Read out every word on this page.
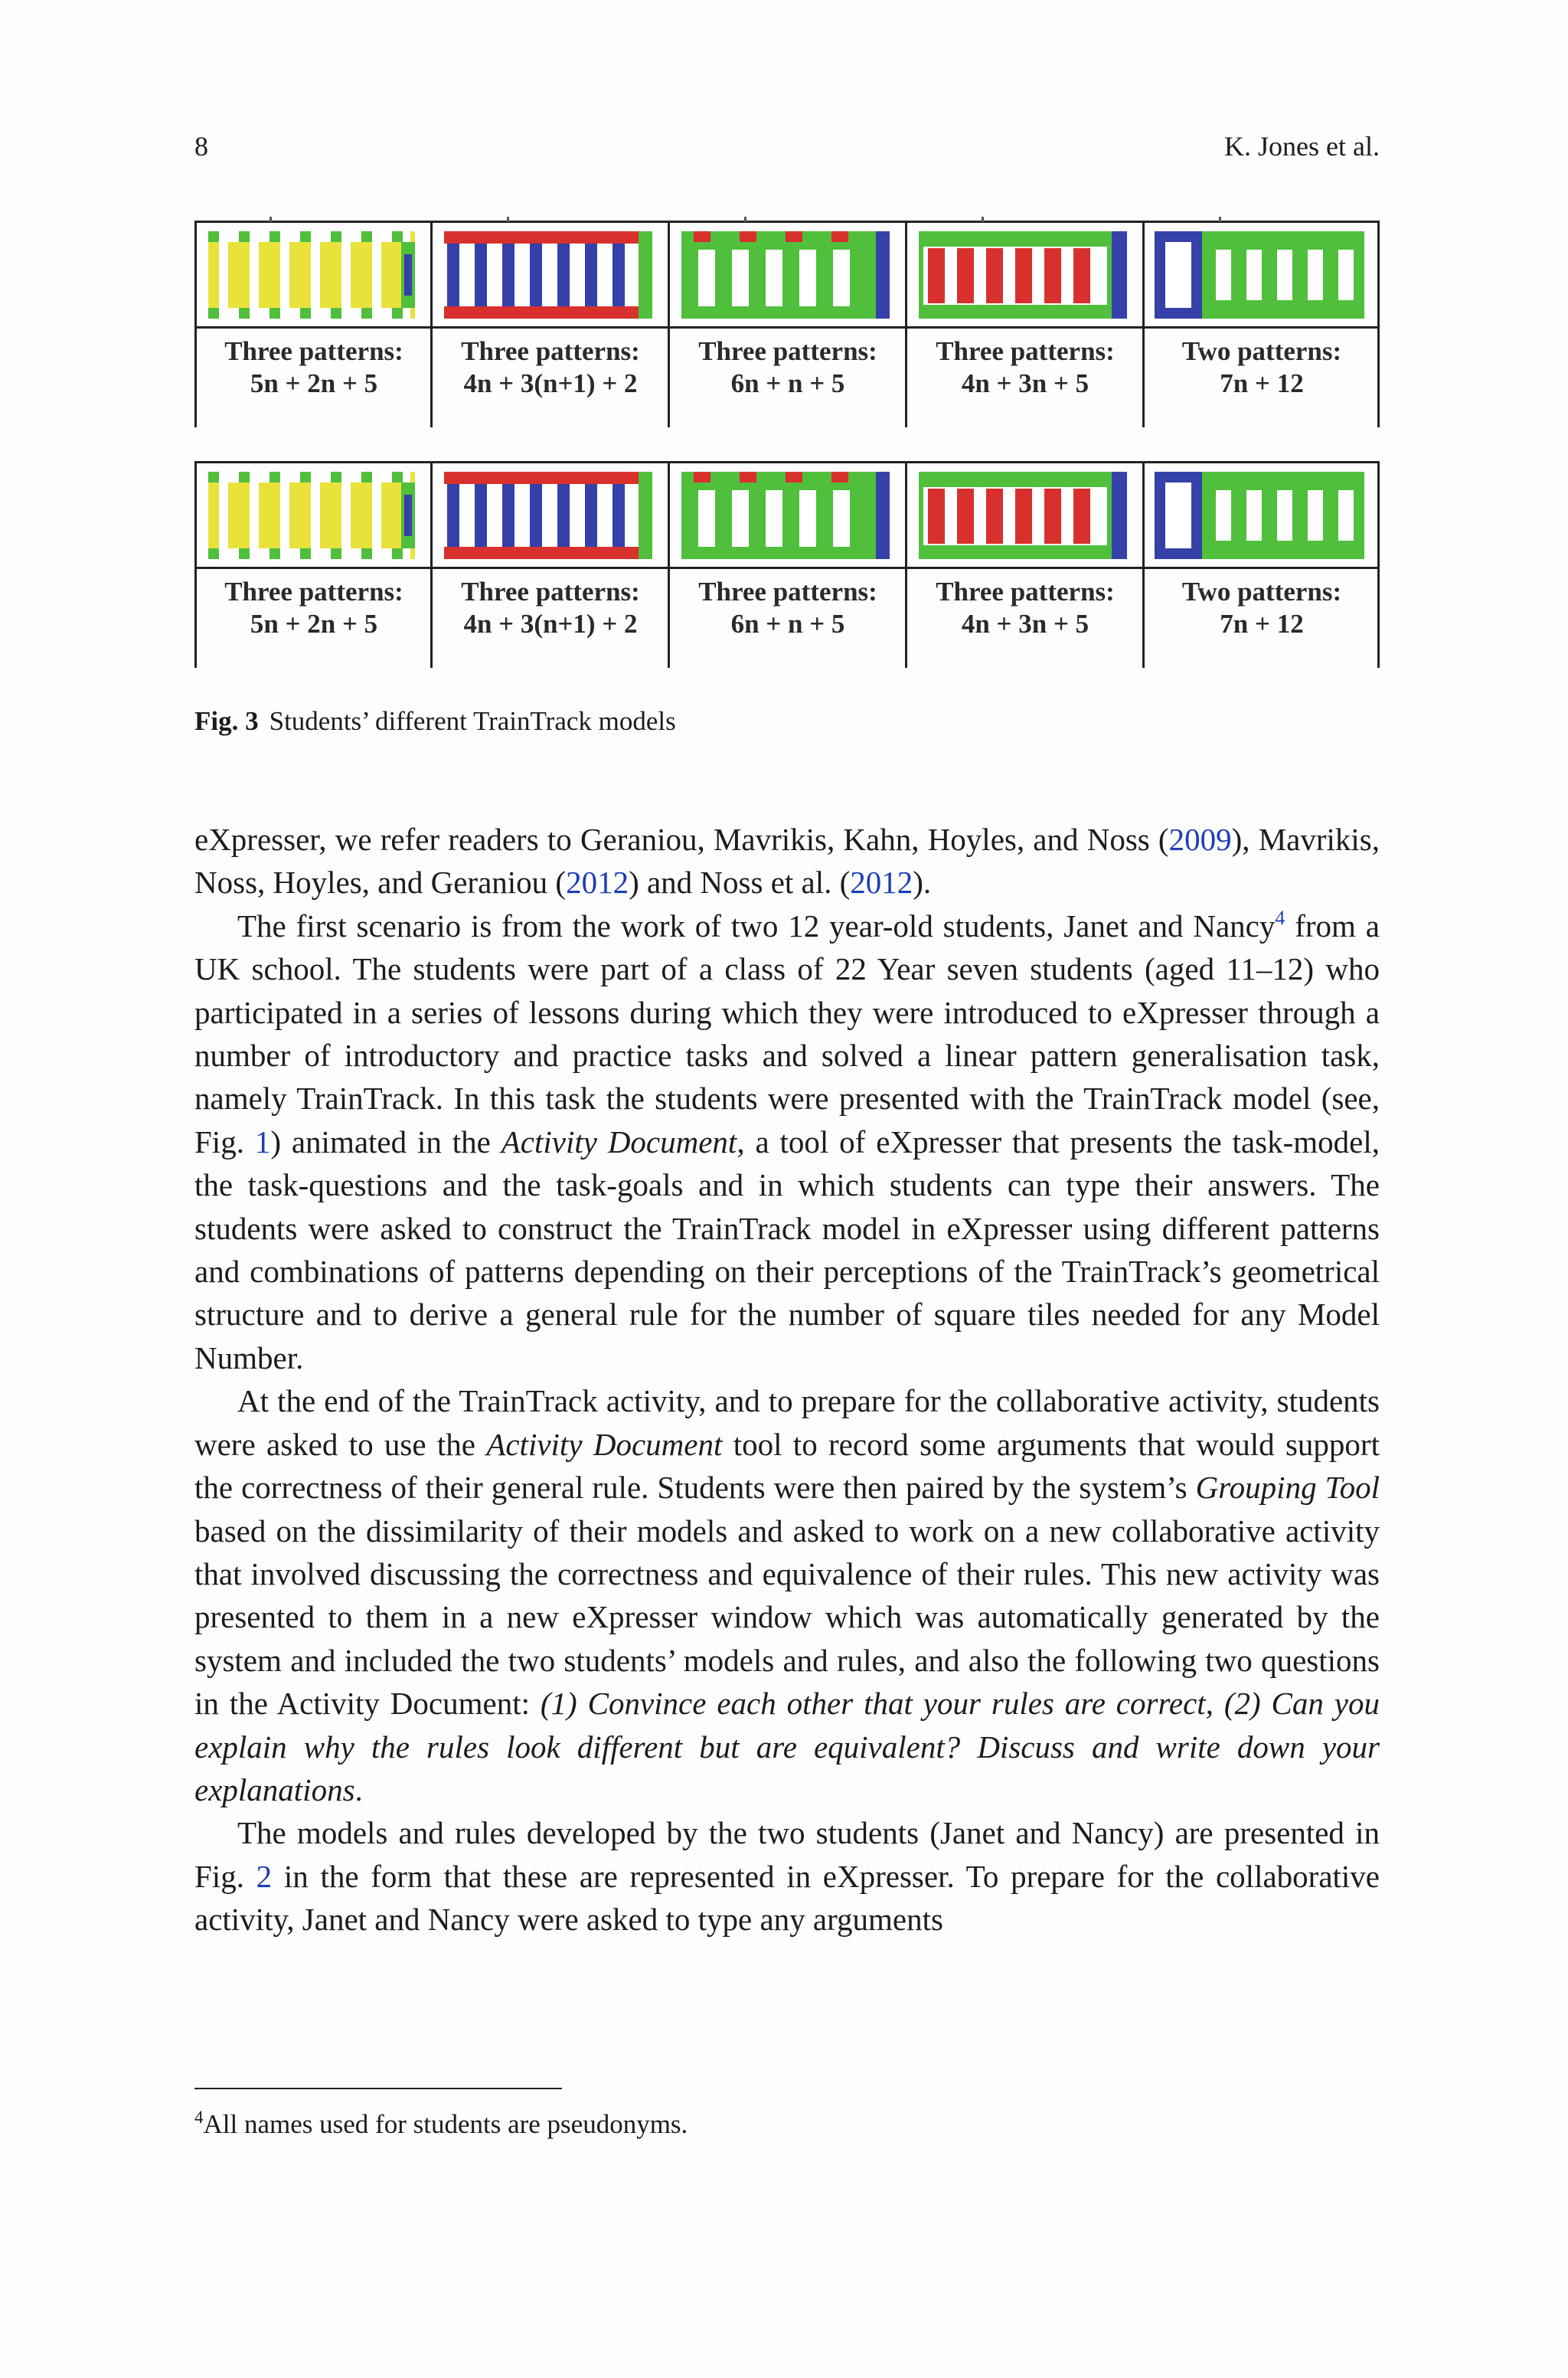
8	K. Jones et al.
Three patterns:
5n + 2n + 5
Three patterns:
4n + 3(n+1) + 2
Three patterns:
6n + n + 5
Three patterns:
4n + 3n + 5
Two patterns:
7n + 12
Three patterns:
5n + 2n + 5
Three patterns:
4n + 3(n+1) + 2
Three patterns:
6n + n + 5
Three patterns:
4n + 3n + 5
Two patterns:
7n + 12
Fig. 3 Students’ different TrainTrack models

eXpresser, we refer readers to Geraniou, Mavrikis, Kahn, Hoyles, and Noss (2009), Mavrikis, Noss, Hoyles, and Geraniou (2012) and Noss et al. (2012).

The first scenario is from the work of two 12 year-old students, Janet and Nancy$^4$ from a UK school. The students were part of a class of 22 Year seven students (aged 11–12) who participated in a series of lessons during which they were introduced to eXpresser through a number of introductory and practice tasks and solved a linear pattern generalisation task, namely TrainTrack. In this task the students were presented with the TrainTrack model (see, Fig. 1) animated in the Activity Document, a tool of eXpresser that presents the task-model, the task-questions and the task-goals and in which students can type their answers. The students were asked to construct the TrainTrack model in eXpresser using different patterns and combinations of patterns depending on their perceptions of the TrainTrack’s geometrical structure and to derive a general rule for the number of square tiles needed for any Model Number.

At the end of the TrainTrack activity, and to prepare for the collaborative activity, students were asked to use the Activity Document tool to record some arguments that would support the correctness of their general rule. Students were then paired by the system’s Grouping Tool based on the dissimilarity of their models and asked to work on a new collaborative activity that involved discussing the correctness and equivalence of their rules. This new activity was presented to them in a new eXpresser window which was automatically generated by the system and included the two students’ models and rules, and also the following two questions in the Activity Document: (1) Convince each other that your rules are correct, (2) Can you explain why the rules look different but are equivalent? Discuss and write down your explanations.

The models and rules developed by the two students (Janet and Nancy) are presented in Fig. 2 in the form that these are represented in eXpresser. To prepare for the collaborative activity, Janet and Nancy were asked to type any arguments

$^4$All names used for students are pseudonyms.
